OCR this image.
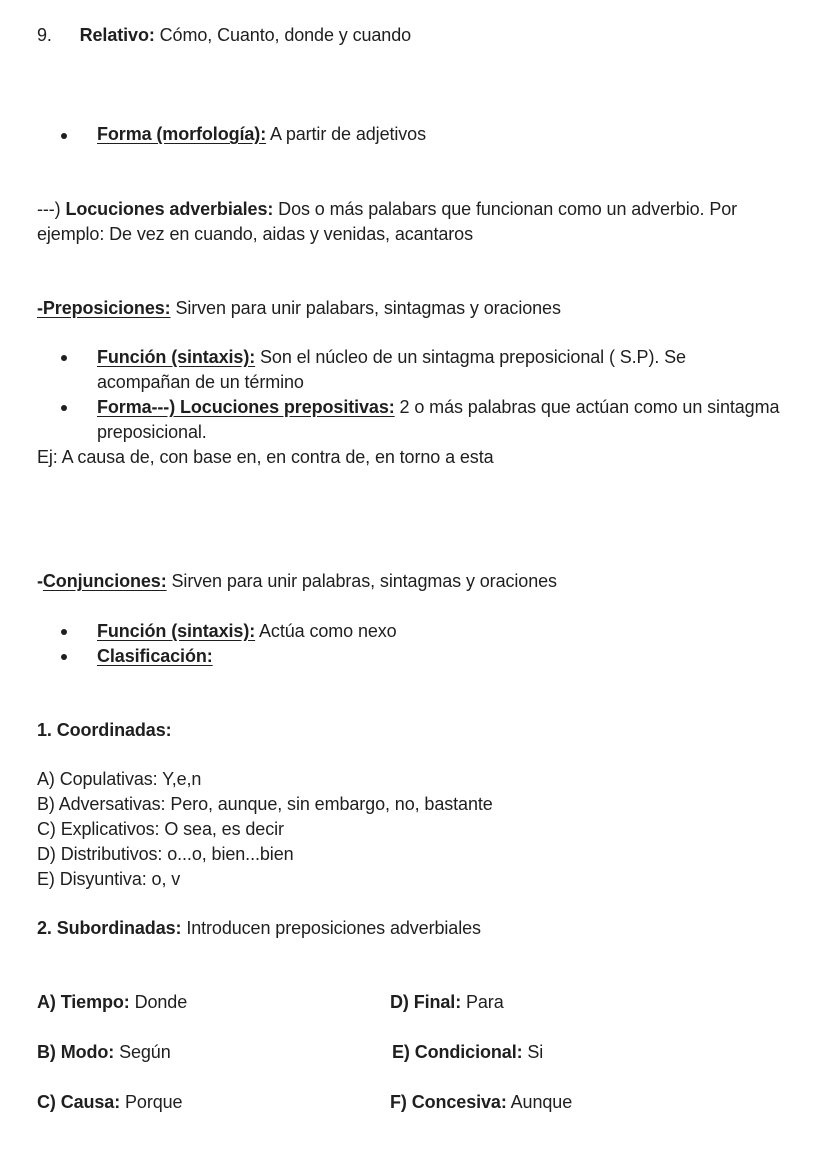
9. Relativo: Cómo, Cuanto, donde y cuando
Forma (morfología): A partir de adjetivos
---) Locuciones adverbiales: Dos o más palabars que funcionan como un adverbio. Por
ejemplo: De vez en cuando, aidas y venidas, acantaros
-Preposiciones: Sirven para unir palabars, sintagmas y oraciones
Función (sintaxis): Son el núcleo de un sintagma preposicional ( S.P). Se
acompañan de un término
Forma---) Locuciones prepositivas: 2 o más palabras que actúan como un sintagma
preposicional.
Ej: A causa de, con base en, en contra de, en torno a esta
-Conjunciones: Sirven para unir palabras, sintagmas y oraciones
Función (sintaxis): Actúa como nexo
Clasificación:
1. Coordinadas:
A) Copulativas: Y,e,n
B) Adversativas: Pero, aunque, sin embargo, no, bastante
C) Explicativos: O sea, es decir
D) Distributivos: o...o, bien...bien
E) Disyuntiva: o, v
2. Subordinadas: Introducen preposiciones adverbiales
A) Tiempo: Donde	D) Final: Para
B) Modo: Según	E) Condicional: Si
C) Causa: Porque	F) Concesiva: Aunque
